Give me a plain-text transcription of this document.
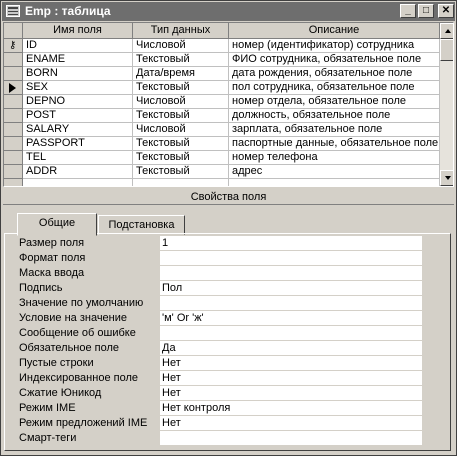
Emp : таблица	_	□	✕
Имя поля	Тип данных	Описание
⚷ ID	Числовой	номер (идентификатор) сотрудника
ENAME	Текстовый	ФИО сотрудника, обязательное поле
BORN	Дата/время	дата рождения, обязательное поле
SEX	Текстовый	пол сотрудника, обязательное поле
DEPNO	Числовой	номер отдела, обязательное поле
POST	Текстовый	должность, обязательное поле
SALARY	Числовой	зарплата, обязательное поле
PASSPORT	Текстовый	паспортные данные, обязательное поле
TEL	Текстовый	номер телефона
ADDR	Текстовый	адрес
Свойства поля
Общие	Подстановка
Размер поля	1
Формат поля
Маска ввода
Подпись	Пол
Значение по умолчанию
Условие на значение	'м' Or 'ж'
Сообщение об ошибке
Обязательное поле	Да
Пустые строки	Нет
Индексированное поле	Нет
Сжатие Юникод	Нет
Режим IME	Нет контроля
Режим предложений IME	Нет
Смарт-теги
